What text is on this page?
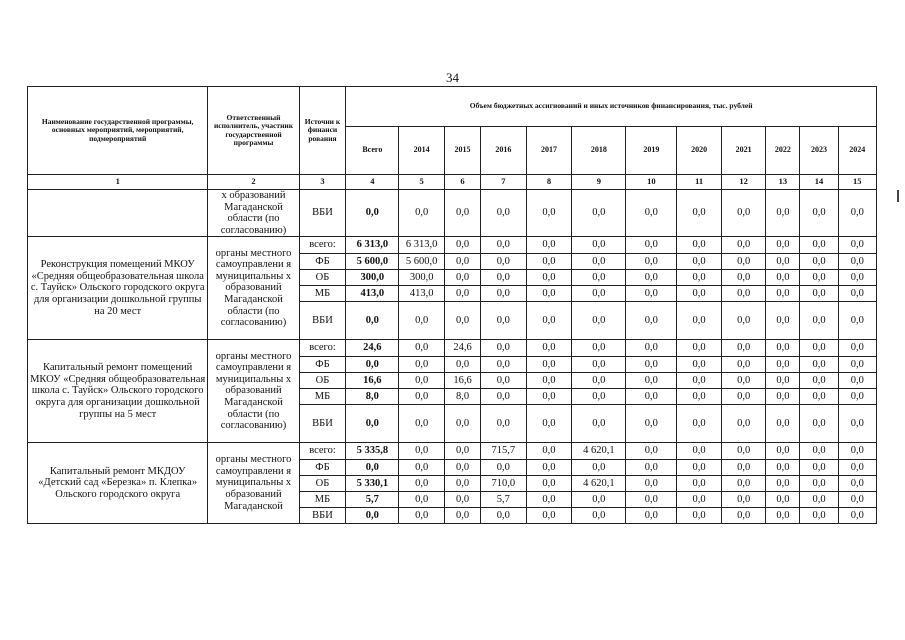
34
Наименование государственной программы, основных мероприятий, мероприятий, подмероприятий	Ответственный исполнитель, участник государственной программы	Источни к финанси рования	Объем бюджетных ассигнований и иных источников финансирования, тыс. рублей											
			Всего	2014	2015	2016	2017	2018	2019	2020	2021	2022	2023	2024
1	2	3	4	5	6	7	8	9	10	11	12	13	14	15
	х образований Магаданской области (по согласованию)	ВБИ	0,0	0,0	0,0	0,0	0,0	0,0	0,0	0,0	0,0	0,0	0,0	0,0
Реконструкция помещений МКОУ «Средняя общеобразовательная школа с. Тауйск» Ольского городского округа для организации дошкольной группы на 20 мест	органы местного самоуправлени я муниципальны х образований Магаданской области (по согласованию)	всего:	6 313,0	6 313,0	0,0	0,0	0,0	0,0	0,0	0,0	0,0	0,0	0,0	0,0
		ФБ	5 600,0	5 600,0	0,0	0,0	0,0	0,0	0,0	0,0	0,0	0,0	0,0	0,0
		ОБ	300,0	300,0	0,0	0,0	0,0	0,0	0,0	0,0	0,0	0,0	0,0	0,0
		МБ	413,0	413,0	0,0	0,0	0,0	0,0	0,0	0,0	0,0	0,0	0,0	0,0
		ВБИ	0,0	0,0	0,0	0,0	0,0	0,0	0,0	0,0	0,0	0,0	0,0	0,0
Капитальный ремонт помещений МКОУ «Средняя общеобразовательная школа с. Тауйск» Ольского городского округа для организации дошкольной группы на 5 мест	органы местного самоуправлени я муниципальны х образований Магаданской области (по согласованию)	всего:	24,6	0,0	24,6	0,0	0,0	0,0	0,0	0,0	0,0	0,0	0,0	0,0
		ФБ	0,0	0,0	0,0	0,0	0,0	0,0	0,0	0,0	0,0	0,0	0,0	0,0
		ОБ	16,6	0,0	16,6	0,0	0,0	0,0	0,0	0,0	0,0	0,0	0,0	0,0
		МБ	8,0	0,0	8,0	0,0	0,0	0,0	0,0	0,0	0,0	0,0	0,0	0,0
		ВБИ	0,0	0,0	0,0	0,0	0,0	0,0	0,0	0,0	0,0	0,0	0,0	0,0
Капитальный ремонт МКДОУ «Детский сад «Березка» п. Клепка» Ольского городского округа	органы местного самоуправлени я муниципальны х образований Магаданской	всего:	5 335,8	0,0	0,0	715,7	0,0	4 620,1	0,0	0,0	0,0	0,0	0,0	0,0
		ФБ	0,0	0,0	0,0	0,0	0,0	0,0	0,0	0,0	0,0	0,0	0,0	0,0
		ОБ	5 330,1	0,0	0,0	710,0	0,0	4 620,1	0,0	0,0	0,0	0,0	0,0	0,0
		МБ	5,7	0,0	0,0	5,7	0,0	0,0	0,0	0,0	0,0	0,0	0,0	0,0
		ВБИ	0,0	0,0	0,0	0,0	0,0	0,0	0,0	0,0	0,0	0,0	0,0	0,0
